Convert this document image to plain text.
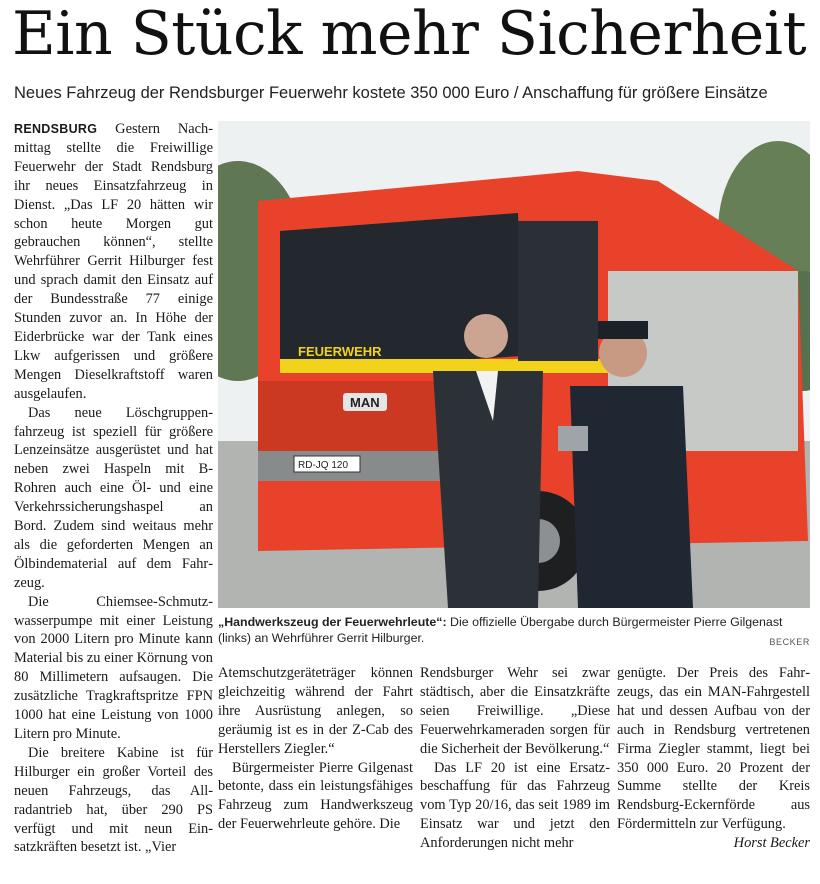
Ein Stück mehr Sicherheit

Neues Fahrzeug der Rendsburger Feuerwehr kostete 350 000 Euro / Anschaffung für größere Einsätze

RENDSBURG Gestern Nachmittag stellte die Freiwillige Feuerwehr der Stadt Rendsburg ihr neues Einsatzfahrzeug in Dienst. „Das LF 20 hätten wir schon heute Morgen gut gebrauchen können“, stellte Wehrführer Gerrit Hilburger fest und sprach damit den Einsatz auf der Bundesstraße 77 einige Stunden zuvor an. In Höhe der Eiderbrücke war der Tank eines Lkw aufgerissen und größere Mengen Dieselkraftstoff waren ausgelaufen.

Das neue Löschgruppenfahrzeug ist speziell für größere Lenzeinsätze ausgerüstet und hat neben zwei Haspeln mit B-Rohren auch eine Öl- und eine Verkehrssicherungshaspel an Bord. Zudem sind weitaus mehr als die geforderten Mengen an Ölbindematerial auf dem Fahrzeug.

Die Chiemsee-Schmutzwasserpumpe mit einer Leistung von 2000 Litern pro Minute kann Material bis zu einer Körnung von 80 Millimetern aufsaugen. Die zusätzliche Tragkraftspritze FPN 1000 hat eine Leistung von 1000 Litern pro Minute.

Die breitere Kabine ist für Hilburger ein großer Vorteil des neuen Fahrzeugs, das Allradantrieb hat, über 290 PS verfügt und mit neun Einsatzkräften besetzt ist. „Vier

FEUERWEHR
MAN
RD-JQ 120
„Handwerkszeug der Feuerwehrleute“: Die offizielle Übergabe durch Bürgermeister Pierre Gilgenast (links) an Wehrführer Gerrit Hilburger.	BECKER

Atemschutzgeräteträger können gleichzeitig während der Fahrt ihre Ausrüstung anlegen, so geräumig ist es in der Z-Cab des Herstellers Ziegler.“

Bürgermeister Pierre Gilgenast betonte, dass ein leistungsfähiges Fahrzeug zum Handwerkszeug der Feuerwehrleute gehöre. Die

Rendsburger Wehr sei zwar städtisch, aber die Einsatzkräfte seien Freiwillige. „Diese Feuerwehrkameraden sorgen für die Sicherheit der Bevölkerung.“

Das LF 20 ist eine Ersatzbeschaffung für das Fahrzeug vom Typ 20/16, das seit 1989 im Einsatz war und jetzt den Anforderungen nicht mehr

genügte. Der Preis des Fahrzeugs, das ein MAN-Fahrgestell hat und dessen Aufbau von der auch in Rendsburg vertretenen Firma Ziegler stammt, liegt bei 350 000 Euro. 20 Prozent der Summe stellte der Kreis Rendsburg-Eckernförde aus Fördermitteln zur Verfügung.

Horst Becker
